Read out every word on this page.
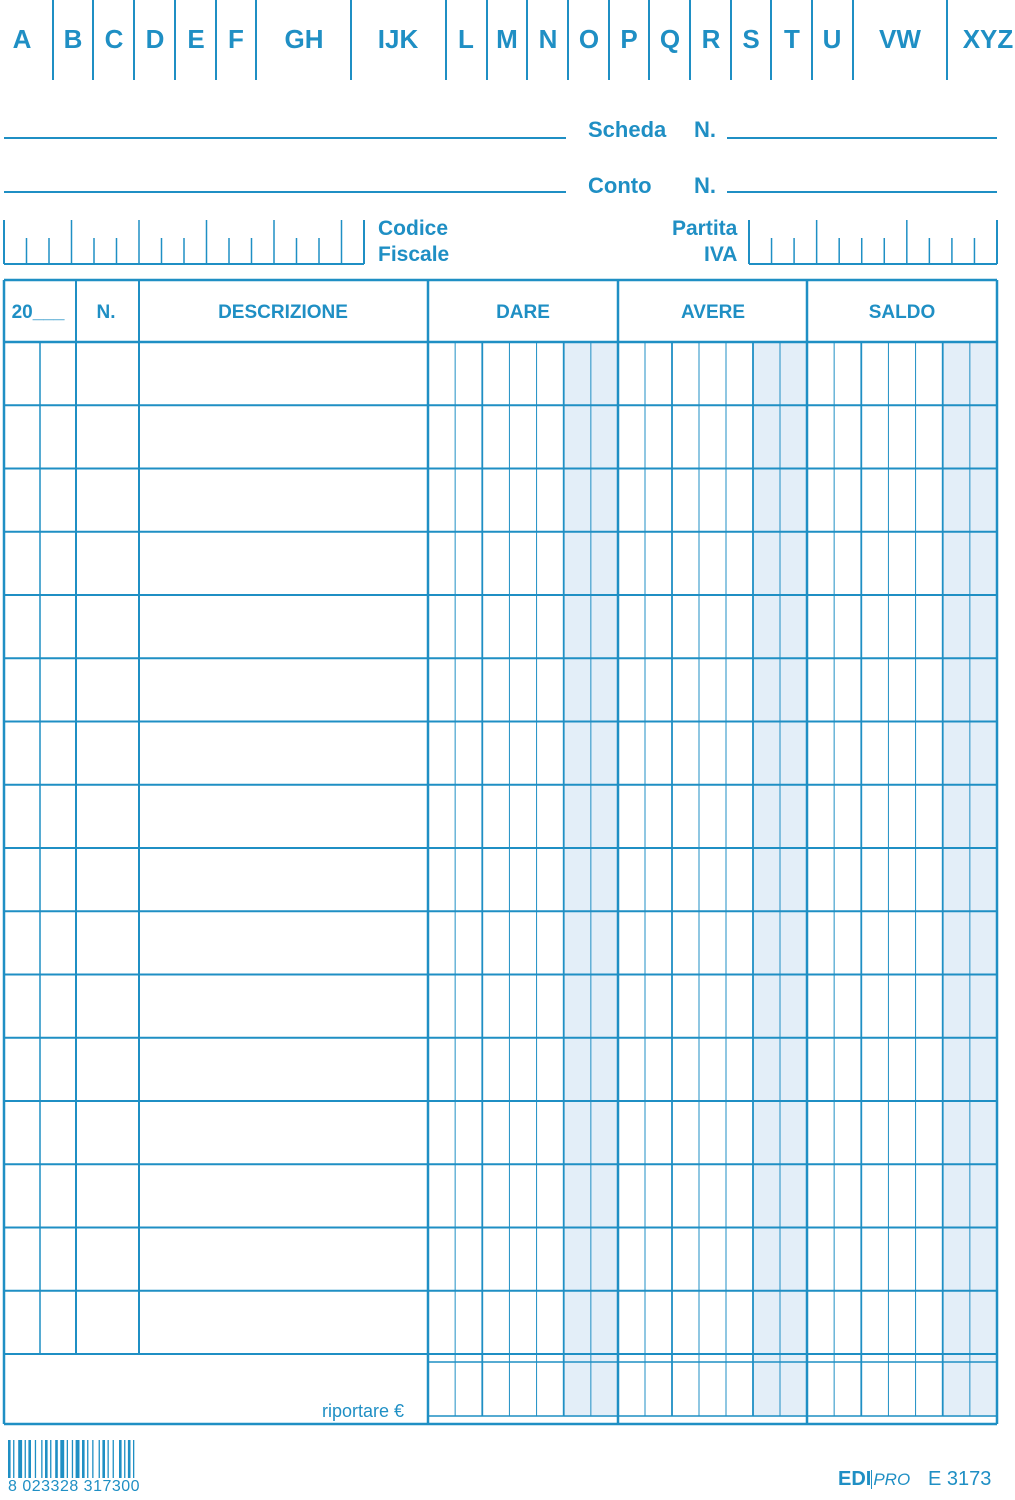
A B C D E F GH IJK L M N O P Q R S T U VW XYZ
Scheda N.
Conto N.
Codice
Fiscale
Partita
IVA
20___ N.	DESCRIZIONE	DARE	AVERE	SALDO
riportare €
8 023328 317300	EDI PRO E 3173
